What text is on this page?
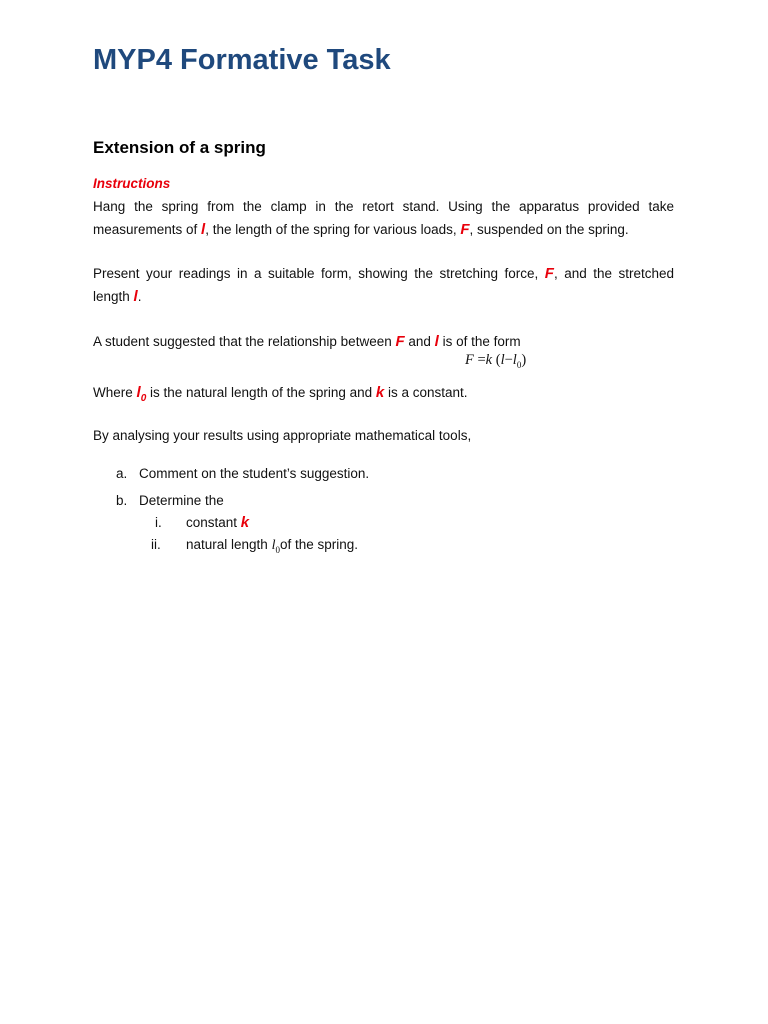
MYP4 Formative Task
Extension of a spring
Instructions
Hang the spring from the clamp in the retort stand. Using the apparatus provided take measurements of l, the length of the spring for various loads, F, suspended on the spring.
Present your readings in a suitable form, showing the stretching force, F, and the stretched length l.
A student suggested that the relationship between F and l is of the form
F =k $(l-l_0)$
Where $l_0$ is the natural length of the spring and k is a constant.
By analysing your results using appropriate mathematical tools,
a. Comment on the student’s suggestion.
b. Determine the
i. constant k
ii. natural length $l_0of$ the spring.
